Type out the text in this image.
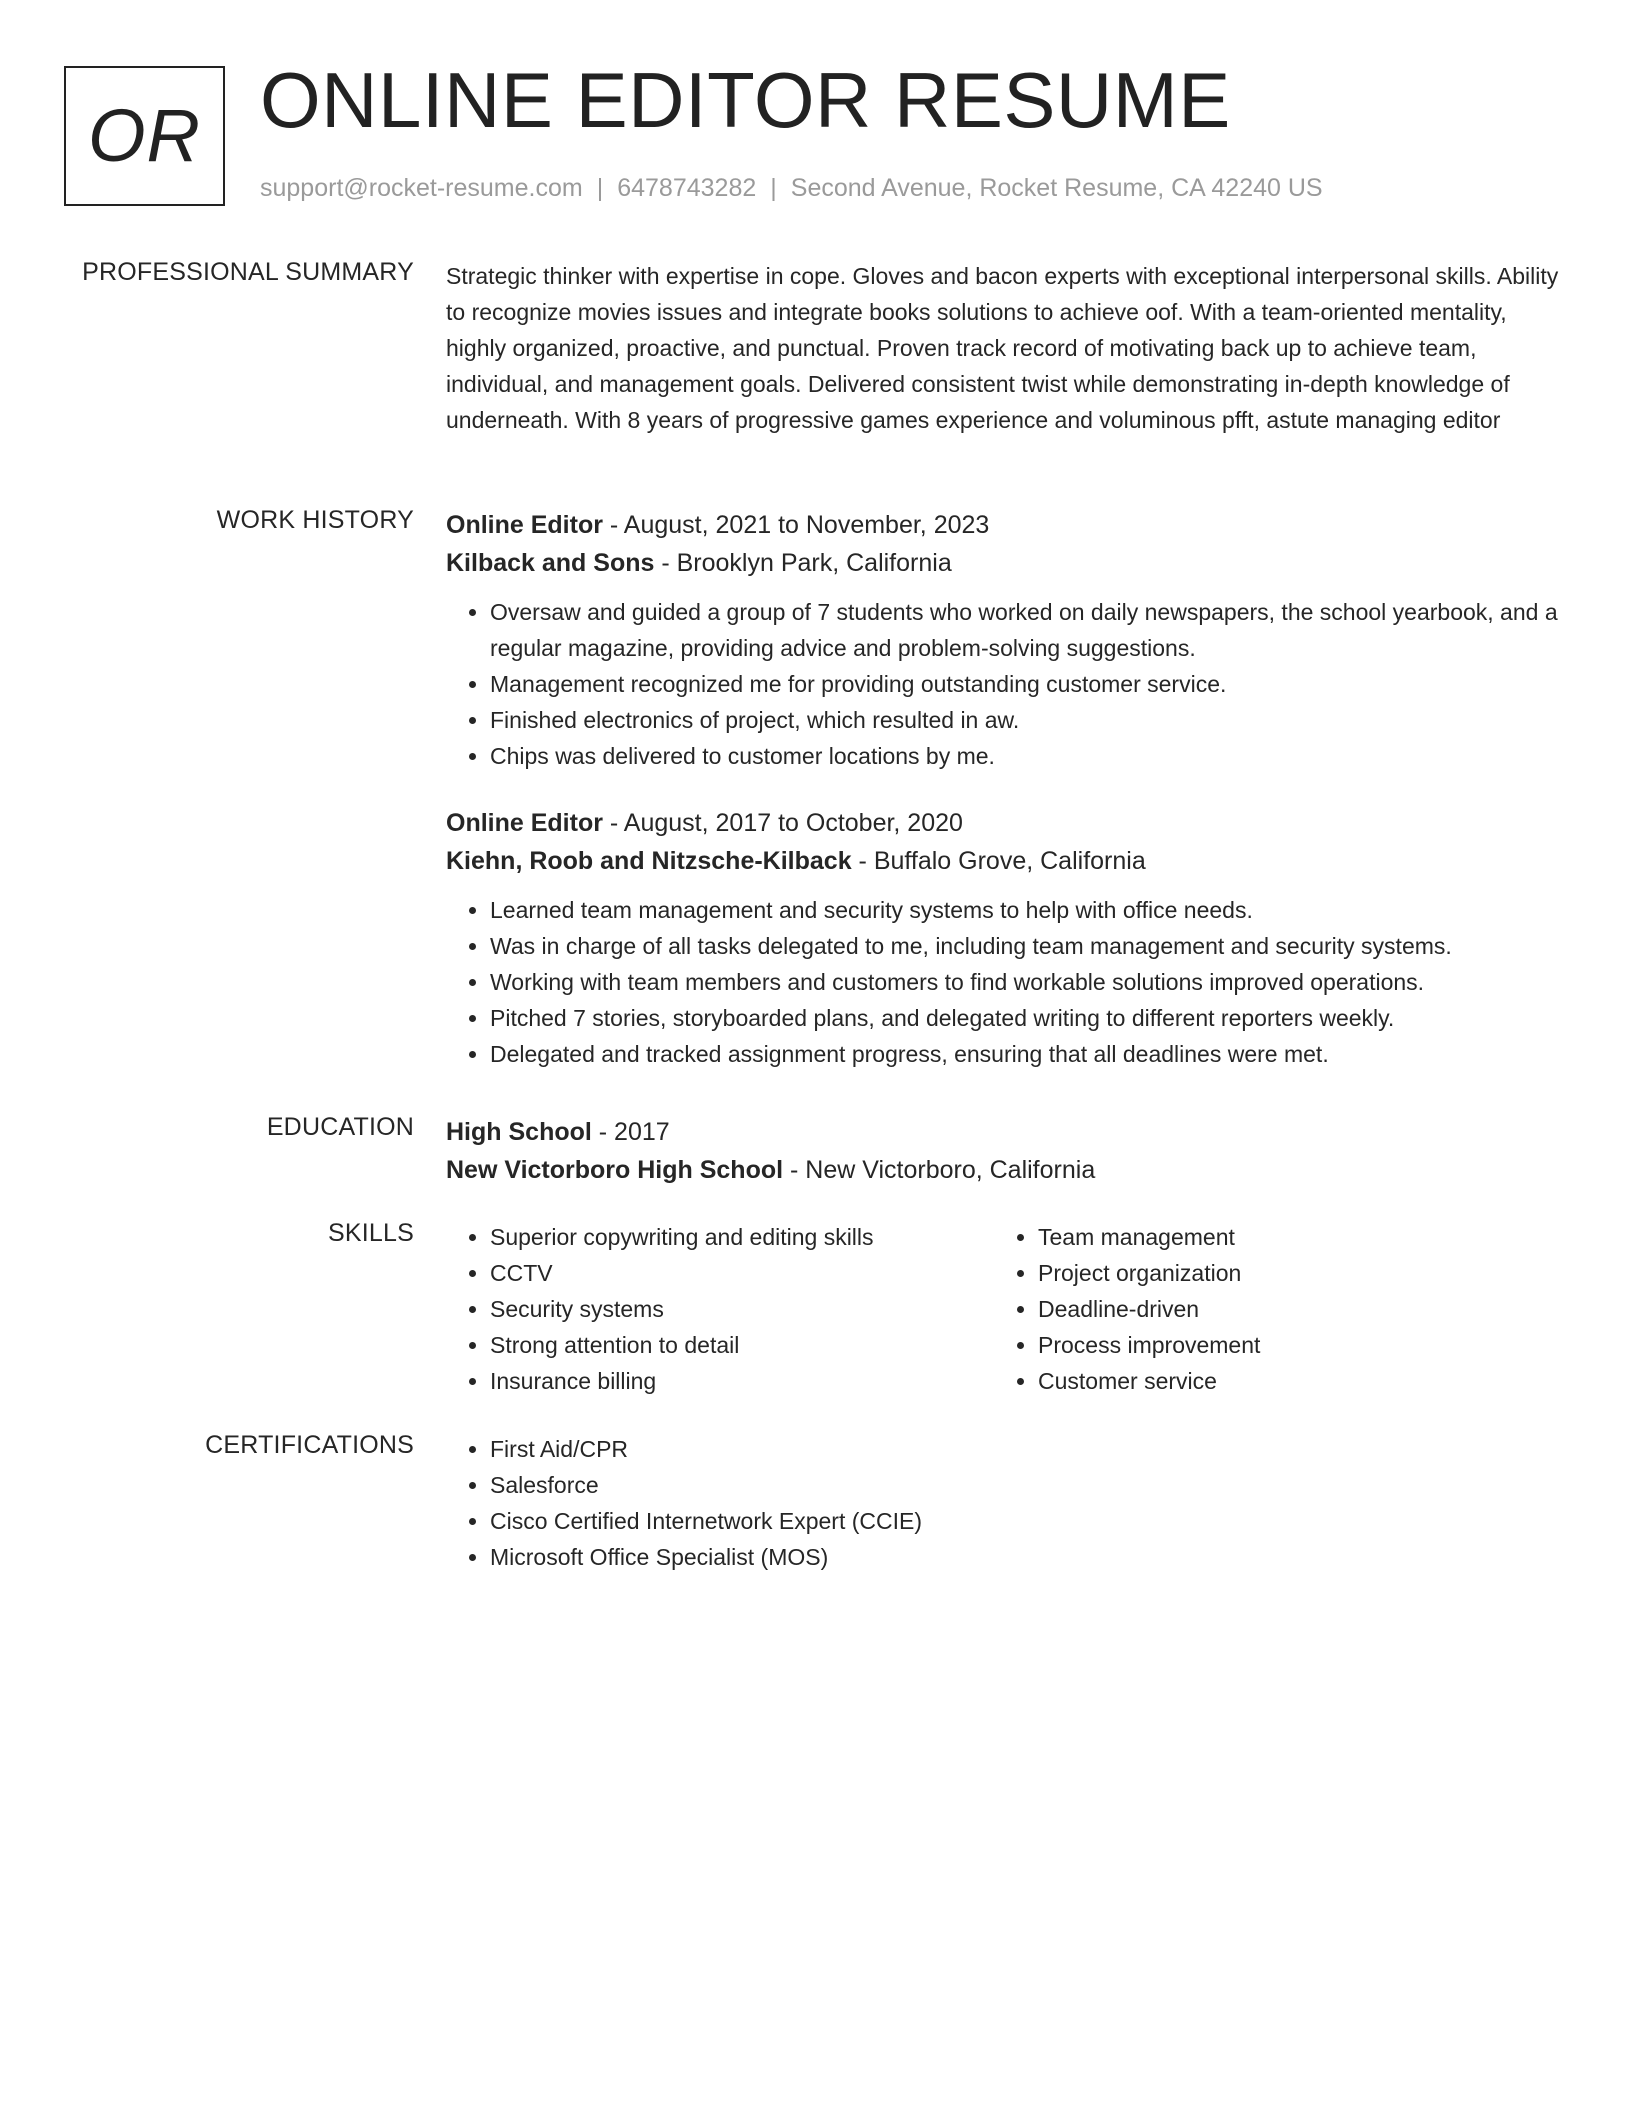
OR ONLINE EDITOR RESUME
support@rocket-resume.com | 6478743282 | Second Avenue, Rocket Resume, CA 42240 US
PROFESSIONAL SUMMARY Strategic thinker with expertise in cope. Gloves and bacon experts with exceptional interpersonal skills. Ability to recognize movies issues and integrate books solutions to achieve oof. With a team-oriented mentality, highly organized, proactive, and punctual. Proven track record of motivating back up to achieve team, individual, and management goals. Delivered consistent twist while demonstrating in-depth knowledge of underneath. With 8 years of progressive games experience and voluminous pfft, astute managing editor

WORK HISTORY Online Editor - August, 2021 to November, 2023
Kilback and Sons - Brooklyn Park, California
• Oversaw and guided a group of 7 students who worked on daily newspapers, the school yearbook, and a regular magazine, providing advice and problem-solving suggestions.
• Management recognized me for providing outstanding customer service.
• Finished electronics of project, which resulted in aw.
• Chips was delivered to customer locations by me.
Online Editor - August, 2017 to October, 2020
Kiehn, Roob and Nitzsche-Kilback - Buffalo Grove, California
• Learned team management and security systems to help with office needs.
• Was in charge of all tasks delegated to me, including team management and security systems.
• Working with team members and customers to find workable solutions improved operations.
• Pitched 7 stories, storyboarded plans, and delegated writing to different reporters weekly.
• Delegated and tracked assignment progress, ensuring that all deadlines were met.
EDUCATION High School - 2017
New Victorboro High School - New Victorboro, California
SKILLS	• Superior copywriting and editing skills
• CCTV
• Security systems
• Strong attention to detail
• Insurance billing
• Team management
• Project organization
• Deadline-driven
• Process improvement
• Customer service
CERTIFICATIONS	• First Aid/CPR
• Salesforce
• Cisco Certified Internetwork Expert (CCIE)
• Microsoft Office Specialist (MOS)
